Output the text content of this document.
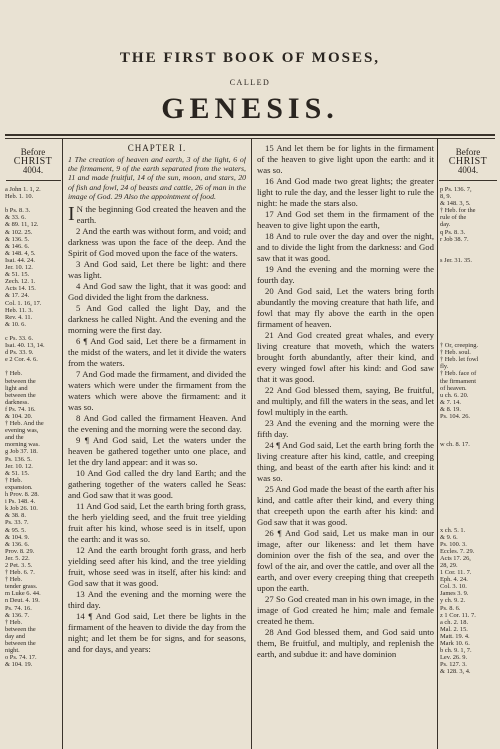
THE FIRST BOOK OF MOSES,
CALLED
GENESIS.
Before
CHRIST
4004.
Before
CHRIST
4004.
a John 1. 1, 2.
Heb. 1. 10.

b Ps. 8. 3.
& 33. 6.
& 89. 11, 12.
& 102. 25.
& 136. 5.
& 146. 6.
& 148. 4, 5.
Isai. 44. 24.
Jer. 10. 12.
& 51. 15.
Zech. 12. 1.
Acts 14. 15.
& 17. 24.
Col. 1. 16, 17.
Heb. 11. 3.
Rev. 4. 11.
& 10. 6.

c Ps. 33. 6.
Isai. 40. 13, 14.
d Ps. 33. 9.
e 2 Cor. 4. 6.

† Heb.
between the
light and
between the
darkness.
f Ps. 74. 16.
& 104. 20.
† Heb. And the
evening was,
and the
morning was.
g Job 37. 18.
Ps. 136. 5.
Jer. 10. 12.
& 51. 15.
† Heb.
expansion.
h Prov. 8. 28.
i Ps. 148. 4.
k Job 26. 10.
& 38. 8.
Ps. 33. 7.
& 95. 5.
& 104. 9.
& 136. 6.
Prov. 8. 29.
Jer. 5. 22.
2 Pet. 3. 5.
† Heb. 6. 7.
† Heb.
tender grass.
m Luke 6. 44.
n Deut. 4. 19.
Ps. 74. 16.
& 136. 7.
† Heb.
between the
day and
between the
night.
o Ps. 74. 17.
& 104. 19.
p Ps. 136. 7,
8, 9.
& 148. 3, 5.
† Heb. for the
rule of the
day.
q Ps. 8. 3.
r Job 38. 7.

s Jer. 31. 35.

† Or, creeping.
† Heb. soul.
† Heb. let fowl
fly.
† Heb. face of
the firmament
of heaven.
u ch. 6. 20.
& 7. 14.
& 8. 19.
Ps. 104. 26.

w ch. 8. 17.

x ch. 5. 1.
& 9. 6.
Ps. 100. 3.
Eccles. 7. 29.
Acts 17. 26,
28, 29.
1 Cor. 11. 7.
Eph. 4. 24.
Col. 3. 10.
James 3. 9.
y ch. 9. 2.
Ps. 8. 6.
z 1 Cor. 11. 7.
a ch. 2. 18.
Mal. 2. 15.
Matt. 19. 4.
Mark 10. 6.
b ch. 9. 1, 7.
Lev. 26. 9.
Ps. 127. 3.
& 128. 3, 4.
CHAPTER I.
1 The creation of heaven and earth, 3 of the light, 6 of the firmament, 9 of the earth separated from the waters, 11 and made fruitful, 14 of the sun, moon, and stars, 20 of fish and fowl, 24 of beasts and cattle, 26 of man in the image of God. 29 Also the appointment of food.

I N the beginning God created the heaven and the earth.

2 And the earth was without form, and void; and darkness was upon the face of the deep. And the Spirit of God moved upon the face of the waters.

3 And God said, Let there be light: and there was light.

4 And God saw the light, that it was good: and God divided the light from the darkness.

5 And God called the light Day, and the darkness he called Night. And the evening and the morning were the first day.

6 ¶ And God said, Let there be a firmament in the midst of the waters, and let it divide the waters from the waters.

7 And God made the firmament, and divided the waters which were under the firmament from the waters which were above the firmament: and it was so.

8 And God called the firmament Heaven. And the evening and the morning were the second day.

9 ¶ And God said, Let the waters under the heaven be gathered together unto one place, and let the dry land appear: and it was so.

10 And God called the dry land Earth; and the gathering together of the waters called he Seas: and God saw that it was good.

11 And God said, Let the earth bring forth grass, the herb yielding seed, and the fruit tree yielding fruit after his kind, whose seed is in itself, upon the earth: and it was so.

12 And the earth brought forth grass, and herb yielding seed after his kind, and the tree yielding fruit, whose seed was in itself, after his kind: and God saw that it was good.

13 And the evening and the morning were the third day.

14 ¶ And God said, Let there be lights in the firmament of the heaven to divide the day from the night; and let them be for signs, and for seasons, and for days, and years:

15 And let them be for lights in the firmament of the heaven to give light upon the earth: and it was so.

16 And God made two great lights; the greater light to rule the day, and the lesser light to rule the night: he made the stars also.

17 And God set them in the firmament of the heaven to give light upon the earth,

18 And to rule over the day and over the night, and to divide the light from the darkness: and God saw that it was good.

19 And the evening and the morning were the fourth day.

20 And God said, Let the waters bring forth abundantly the moving creature that hath life, and fowl that may fly above the earth in the open firmament of heaven.

21 And God created great whales, and every living creature that moveth, which the waters brought forth abundantly, after their kind, and every winged fowl after his kind: and God saw that it was good.

22 And God blessed them, saying, Be fruitful, and multiply, and fill the waters in the seas, and let fowl multiply in the earth.

23 And the evening and the morning were the fifth day.

24 ¶ And God said, Let the earth bring forth the living creature after his kind, cattle, and creeping thing, and beast of the earth after his kind: and it was so.

25 And God made the beast of the earth after his kind, and cattle after their kind, and every thing that creepeth upon the earth after his kind: and God saw that it was good.

26 ¶ And God said, Let us make man in our image, after our likeness: and let them have dominion over the fish of the sea, and over the fowl of the air, and over the cattle, and over all the earth, and over every creeping thing that creepeth upon the earth.

27 So God created man in his own image, in the image of God created he him; male and female created he them.

28 And God blessed them, and God said unto them, Be fruitful, and multiply, and replenish the earth, and subdue it: and have dominion
